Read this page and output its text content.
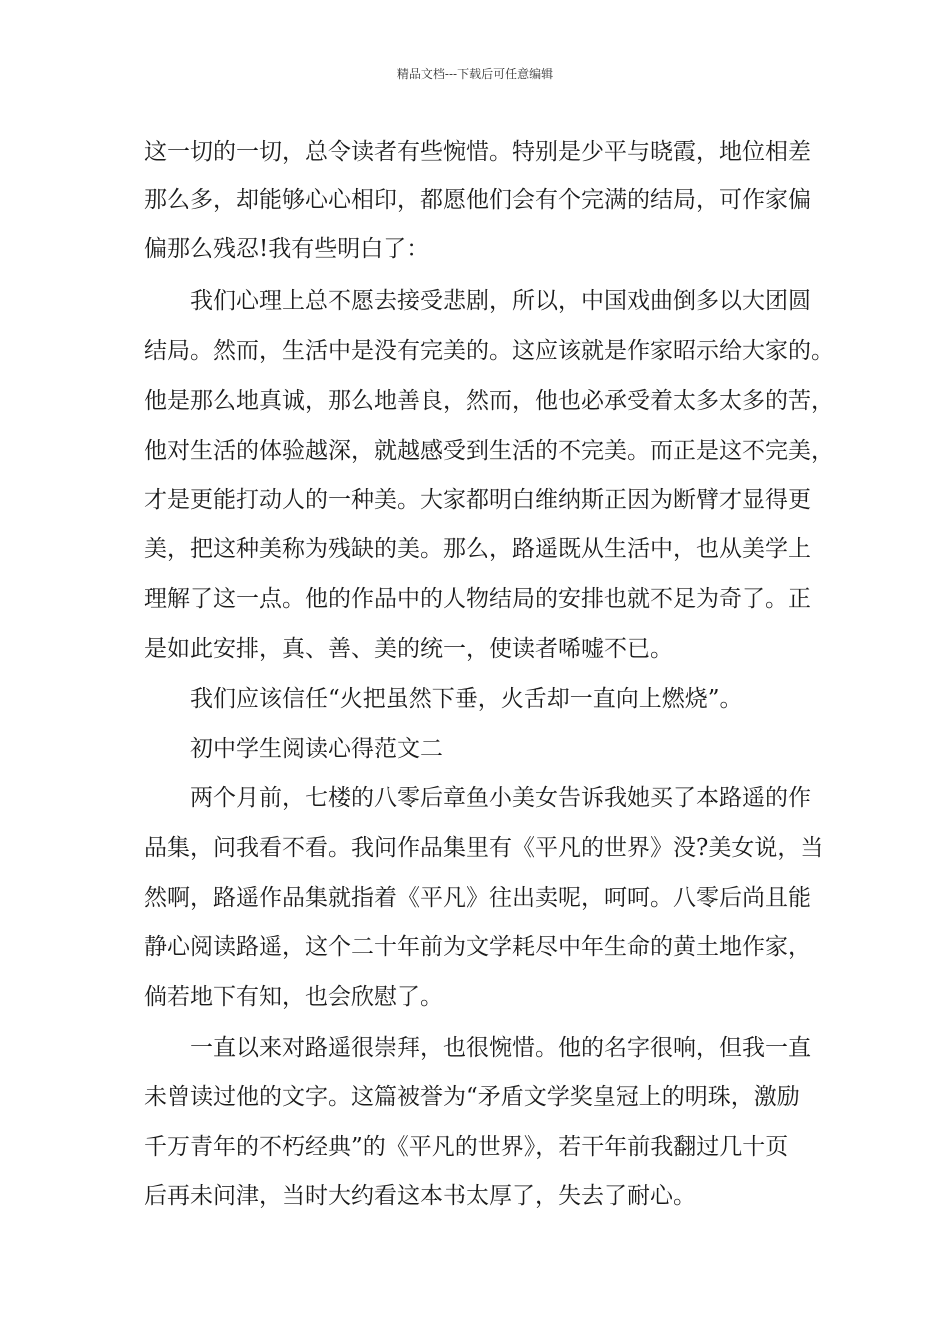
精品文档---下载后可任意编辑
这一切的一切，总令读者有些惋惜。特别是少平与晓霞，地位相差
那么多，却能够心心相印，都愿他们会有个完满的结局，可作家偏
偏那么残忍!我有些明白了：
我们心理上总不愿去接受悲剧，所以，中国戏曲倒多以大团圆
结局。然而，生活中是没有完美的。这应该就是作家昭示给大家的。
他是那么地真诚，那么地善良，然而，他也必承受着太多太多的苦，
他对生活的体验越深，就越感受到生活的不完美。而正是这不完美，
才是更能打动人的一种美。大家都明白维纳斯正因为断臂才显得更
美，把这种美称为残缺的美。那么，路遥既从生活中，也从美学上
理解了这一点。他的作品中的人物结局的安排也就不足为奇了。正
是如此安排，真、善、美的统一，使读者唏嘘不已。
我们应该信任“火把虽然下垂，火舌却一直向上燃烧”。
初中学生阅读心得范文二
两个月前，七楼的八零后章鱼小美女告诉我她买了本路遥的作
品集，问我看不看。我问作品集里有《平凡的世界》没?美女说，当
然啊，路遥作品集就指着《平凡》往出卖呢，呵呵。八零后尚且能
静心阅读路遥，这个二十年前为文学耗尽中年生命的黄土地作家，
倘若地下有知，也会欣慰了。
一直以来对路遥很崇拜，也很惋惜。他的名字很响，但我一直
未曾读过他的文字。这篇被誉为“矛盾文学奖皇冠上的明珠，激励
千万青年的不朽经典”的《平凡的世界》，若干年前我翻过几十页
后再未问津，当时大约看这本书太厚了，失去了耐心。
